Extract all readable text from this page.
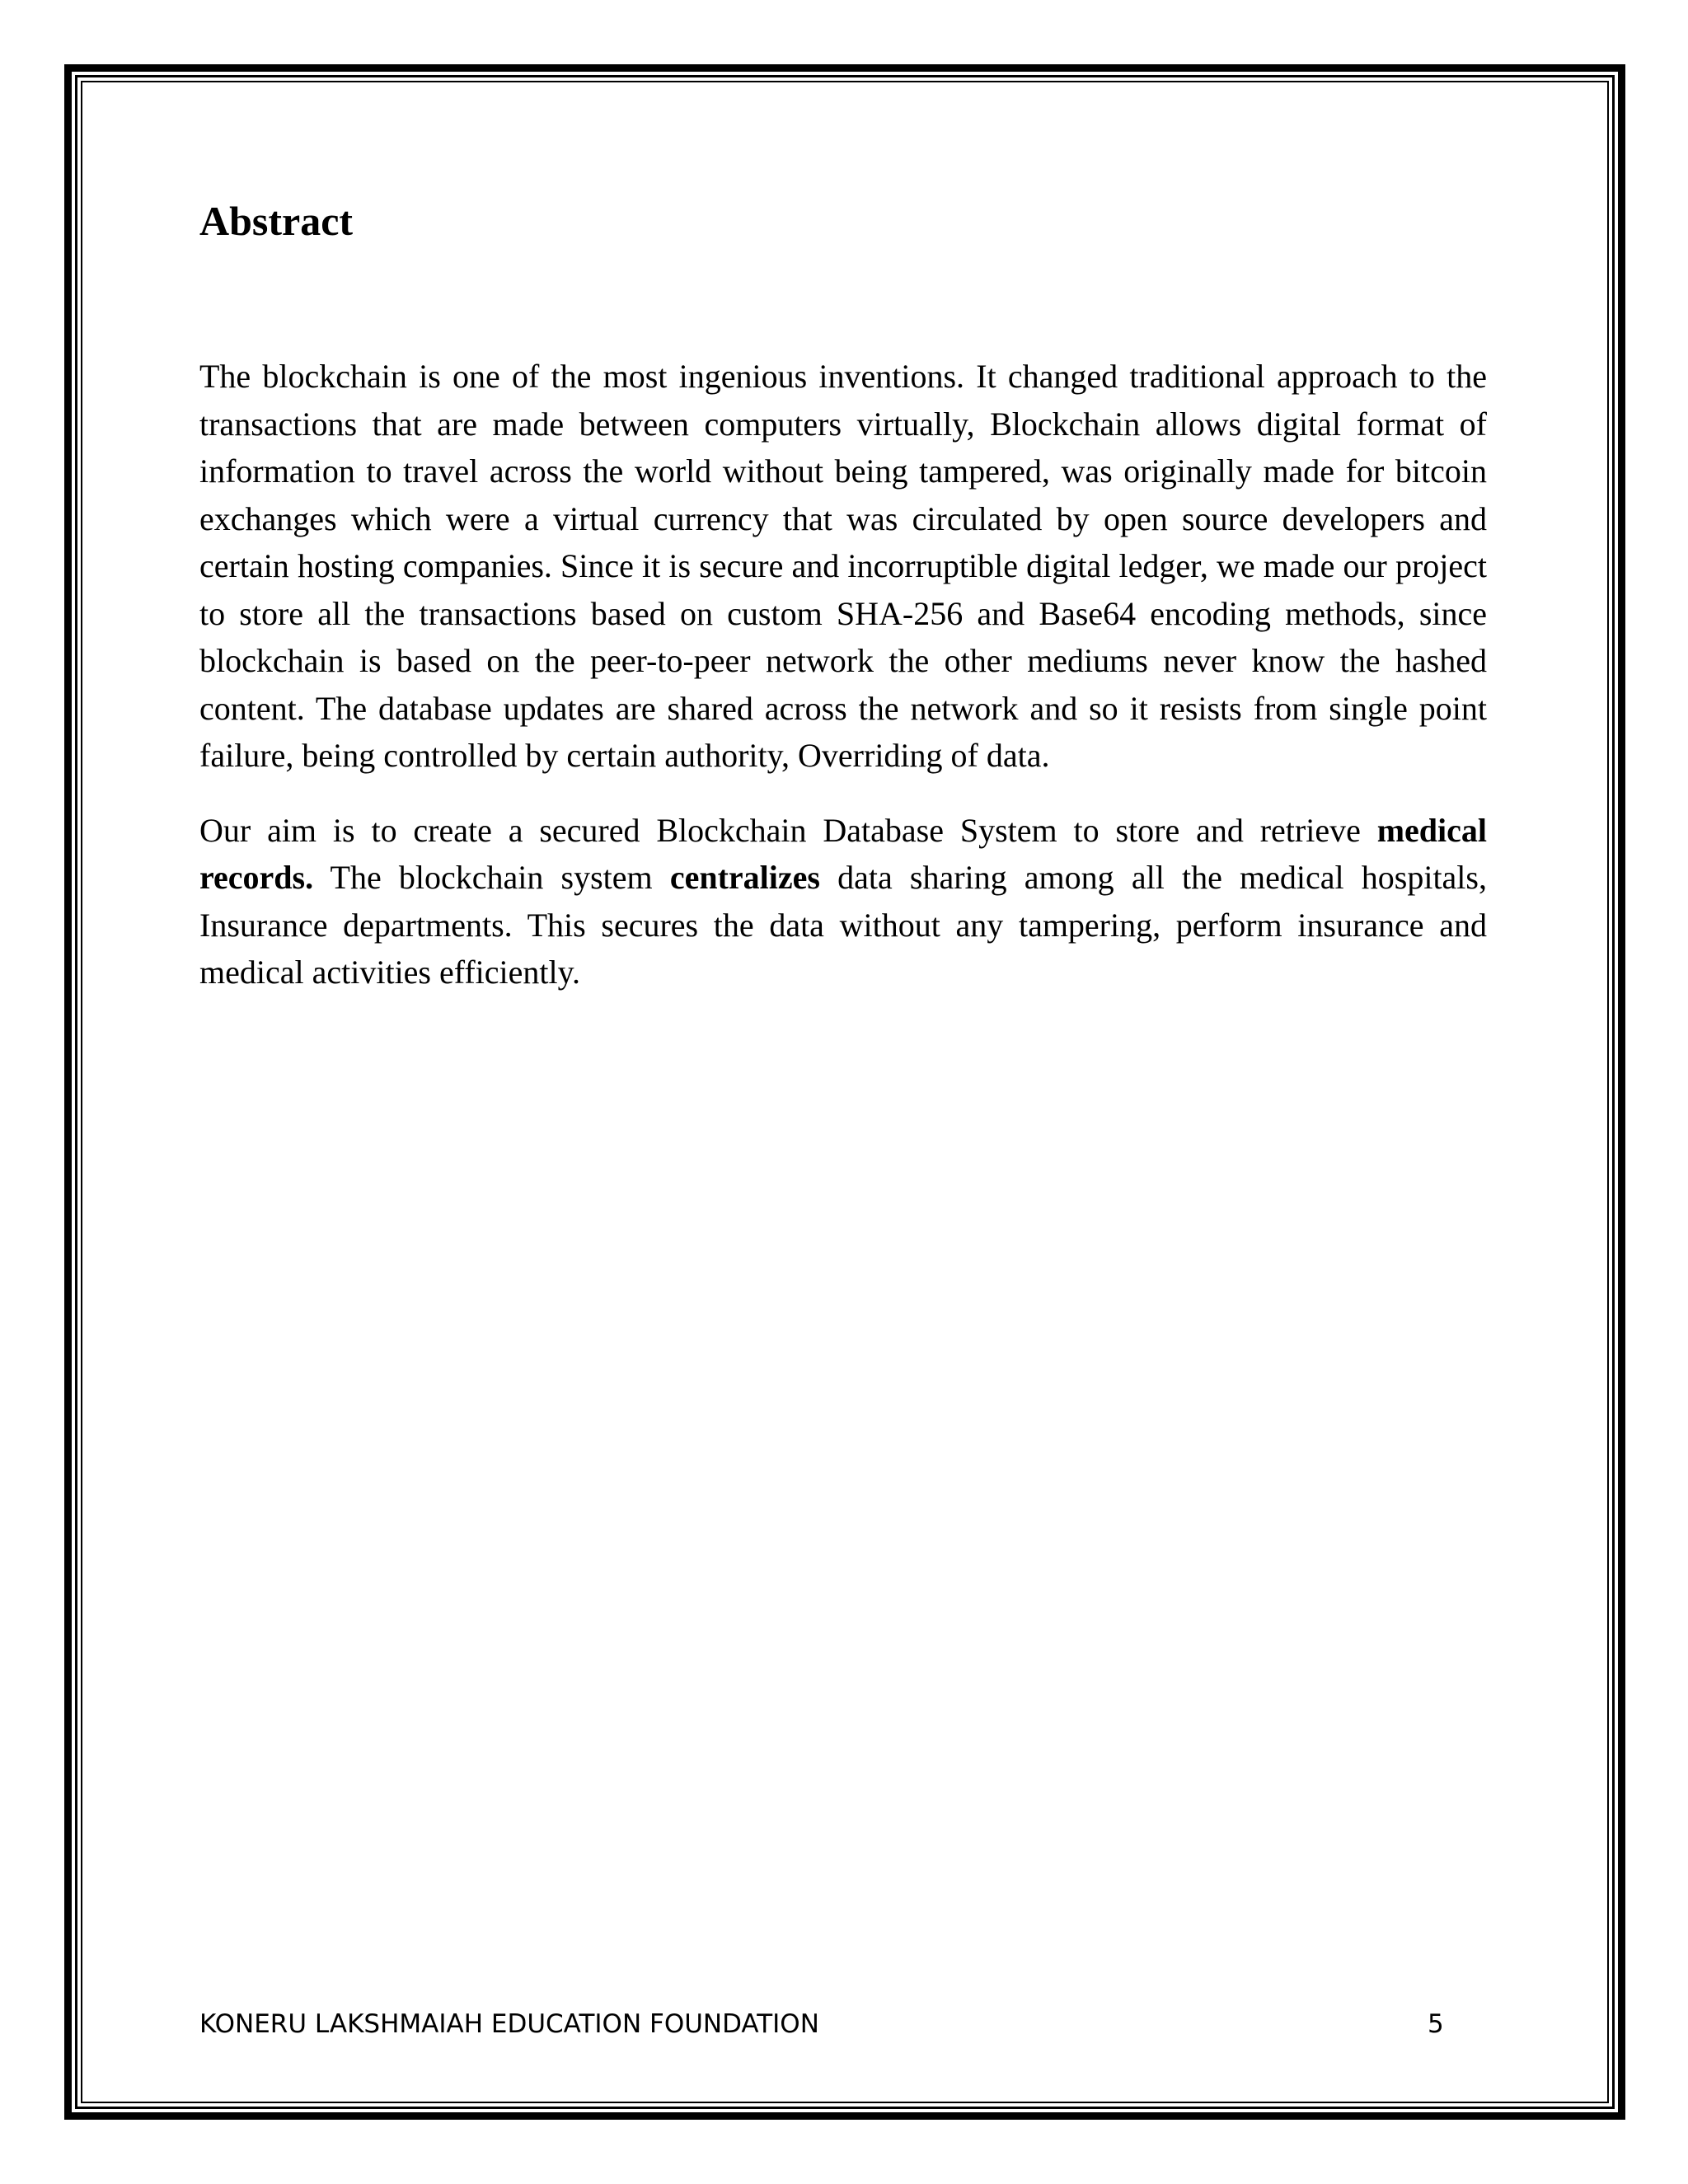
Abstract

The blockchain is one of the most ingenious inventions. It changed traditional approach to the transactions that are made between computers virtually, Blockchain allows digital format of information to travel across the world without being tampered, was originally made for bitcoin exchanges which were a virtual currency that was circulated by open source developers and certain hosting companies. Since it is secure and incorruptible digital ledger, we made our project to store all the transactions based on custom SHA-256 and Base64 encoding methods, since blockchain is based on the peer-to-peer network the other mediums never know the hashed content. The database updates are shared across the network and so it resists from single point failure, being controlled by certain authority, Overriding of data.

Our aim is to create a secured Blockchain Database System to store and retrieve medical records. The blockchain system centralizes data sharing among all the medical hospitals, Insurance departments. This secures the data without any tampering, perform insurance and medical activities efficiently.

KONERU LAKSHMAIAH EDUCATION FOUNDATION	5
